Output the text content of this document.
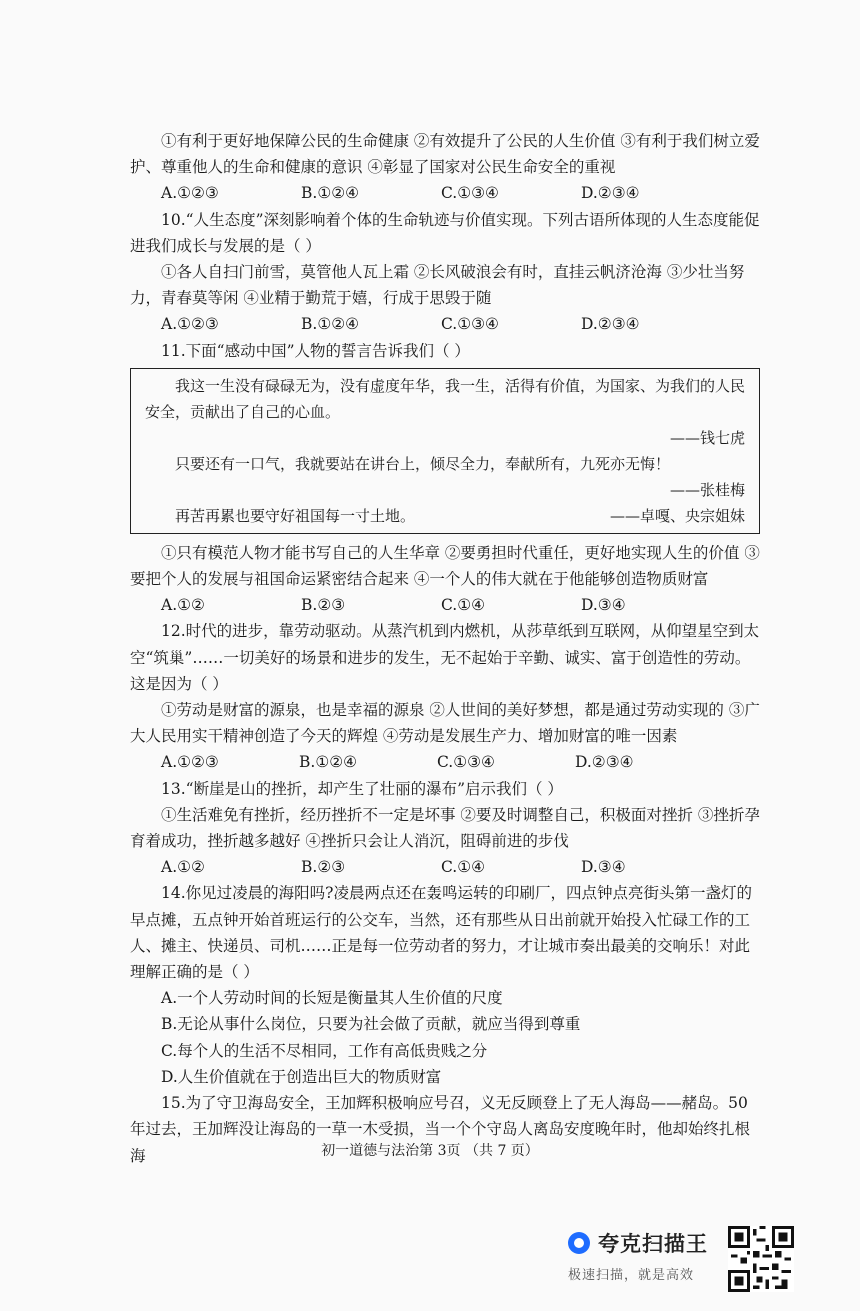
①有利于更好地保障公民的生命健康 ②有效提升了公民的人生价值 ③有利于我们树立爱护、尊重他人的生命和健康的意识 ④彰显了国家对公民生命安全的重视

A.①②③	B.①②④	C.①③④	D.②③④

10.“人生态度”深刻影响着个体的生命轨迹与价值实现。下列古语所体现的人生态度能促进我们成长与发展的是（ ）

①各人自扫门前雪，莫管他人瓦上霜 ②长风破浪会有时，直挂云帆济沧海 ③少壮当努力，青春莫等闲 ④业精于勤荒于嬉，行成于思毁于随

A.①②③	B.①②④	C.①③④	D.②③④

11.下面“感动中国”人物的誓言告诉我们（ ）

我这一生没有碌碌无为，没有虚度年华，我一生，活得有价值，为国家、为我们的人民安全，贡献出了自己的心血。
——钱七虎
只要还有一口气，我就要站在讲台上，倾尽全力，奉献所有，九死亦无悔！
——张桂梅
再苦再累也要守好祖国每一寸土地。	——卓嘎、央宗姐妹

①只有模范人物才能书写自己的人生华章 ②要勇担时代重任，更好地实现人生的价值 ③要把个人的发展与祖国命运紧密结合起来 ④一个人的伟大就在于他能够创造物质财富

A.①②	B.②③	C.①④	D.③④

12.时代的进步，靠劳动驱动。从蒸汽机到内燃机，从莎草纸到互联网，从仰望星空到太空“筑巢”……一切美好的场景和进步的发生，无不起始于辛勤、诚实、富于创造性的劳动。这是因为（ ）

①劳动是财富的源泉，也是幸福的源泉 ②人世间的美好梦想，都是通过劳动实现的 ③广大人民用实干精神创造了今天的辉煌 ④劳动是发展生产力、增加财富的唯一因素

A.①②③	B.①②④	C.①③④	D.②③④

13.“断崖是山的挫折，却产生了壮丽的瀑布”启示我们（ ）

①生活难免有挫折，经历挫折不一定是坏事 ②要及时调整自己，积极面对挫折 ③挫折孕育着成功，挫折越多越好 ④挫折只会让人消沉，阻碍前进的步伐

A.①②	B.②③	C.①④	D.③④

14.你见过凌晨的海阳吗?凌晨两点还在轰鸣运转的印刷厂，四点钟点亮街头第一盏灯的早点摊，五点钟开始首班运行的公交车，当然，还有那些从日出前就开始投入忙碌工作的工人、摊主、快递员、司机……正是每一位劳动者的努力，才让城市奏出最美的交响乐！对此理解正确的是（ ）

A.一个人劳动时间的长短是衡量其人生价值的尺度

B.无论从事什么岗位，只要为社会做了贡献，就应当得到尊重

C.每个人的生活不尽相同，工作有高低贵贱之分

D.人生价值就在于创造出巨大的物质财富

15.为了守卫海岛安全，王加辉积极响应号召，义无反顾登上了无人海岛——赭岛。50年过去，王加辉没让海岛的一草一木受损，当一个个守岛人离岛安度晚年时，他却始终扎根海	初一道德与法治第 3页 （共 7 页）
夸克扫描王
极速扫描，就是高效
